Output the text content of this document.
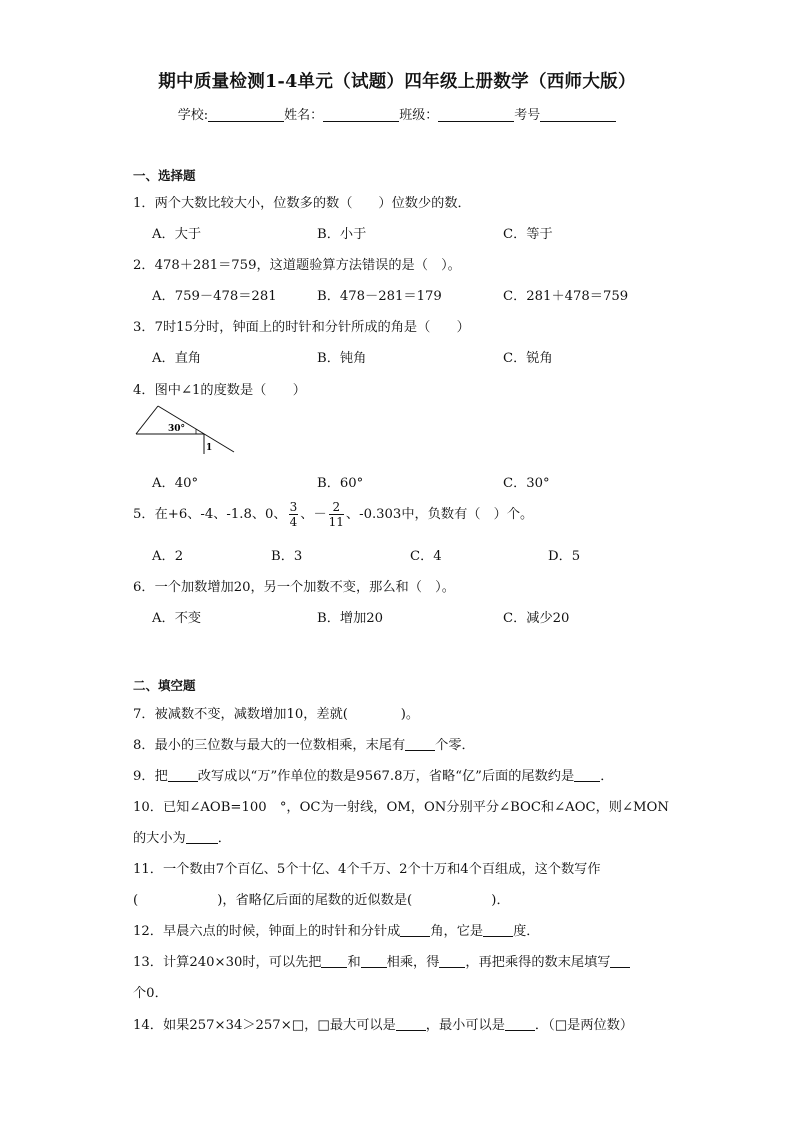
期中质量检测1-4单元（试题）四年级上册数学（西师大版）
学校:	姓名：	班级：	考号
一、选择题
1．两个大数比较大小，位数多的数（ ）位数少的数．
A．大于	B．小于	C．等于
2．478＋281＝759，这道题验算方法错误的是（　）。
A．759－478＝281	B．478－281＝179	C．281＋478＝759
3．7时15分时，钟面上的时针和分针所成的角是（　　）
A．直角	B．钝角	C．锐角
4．图中∠1的度数是（　　）
30°
1
A．40°	B．60°	C．30°
5．在+6、-4、-1.8、0、 $\frac{3}{4}$ 、－ $\frac{2}{11}$ 、-0.303中，负数有（　）个。
A．2	B．3	C．4	D．5
6．一个加数增加20，另一个加数不变，那么和（　）。
A．不变	B．增加20	C．减少20
二、填空题
7．被减数不变，减数增加10，差就(　　　　)。
8．最小的三位数与最大的一位数相乘，末尾有 个零．
9．把 改写成以“万”作单位的数是9567.8万，省略“亿”后面的尾数约是 ．
10．已知∠AOB=100　°，OC为一射线，OM，ON分别平分∠BOC和∠AOC，则∠MON
的大小为 ．
11．一个数由7个百亿、5个十亿、4个千万、2个十万和4个百组成，这个数写作
(　　　　　　)，省略亿后面的尾数的近似数是(　　　　　　)．
12．早晨六点的时候，钟面上的时针和分针成 角，它是 度．
13．计算240×30时，可以先把 和 相乘，得 ，再把乘得的数末尾填写
个0．
14．如果257×34＞257×□，□最大可以是 ，最小可以是 ．（□是两位数）
